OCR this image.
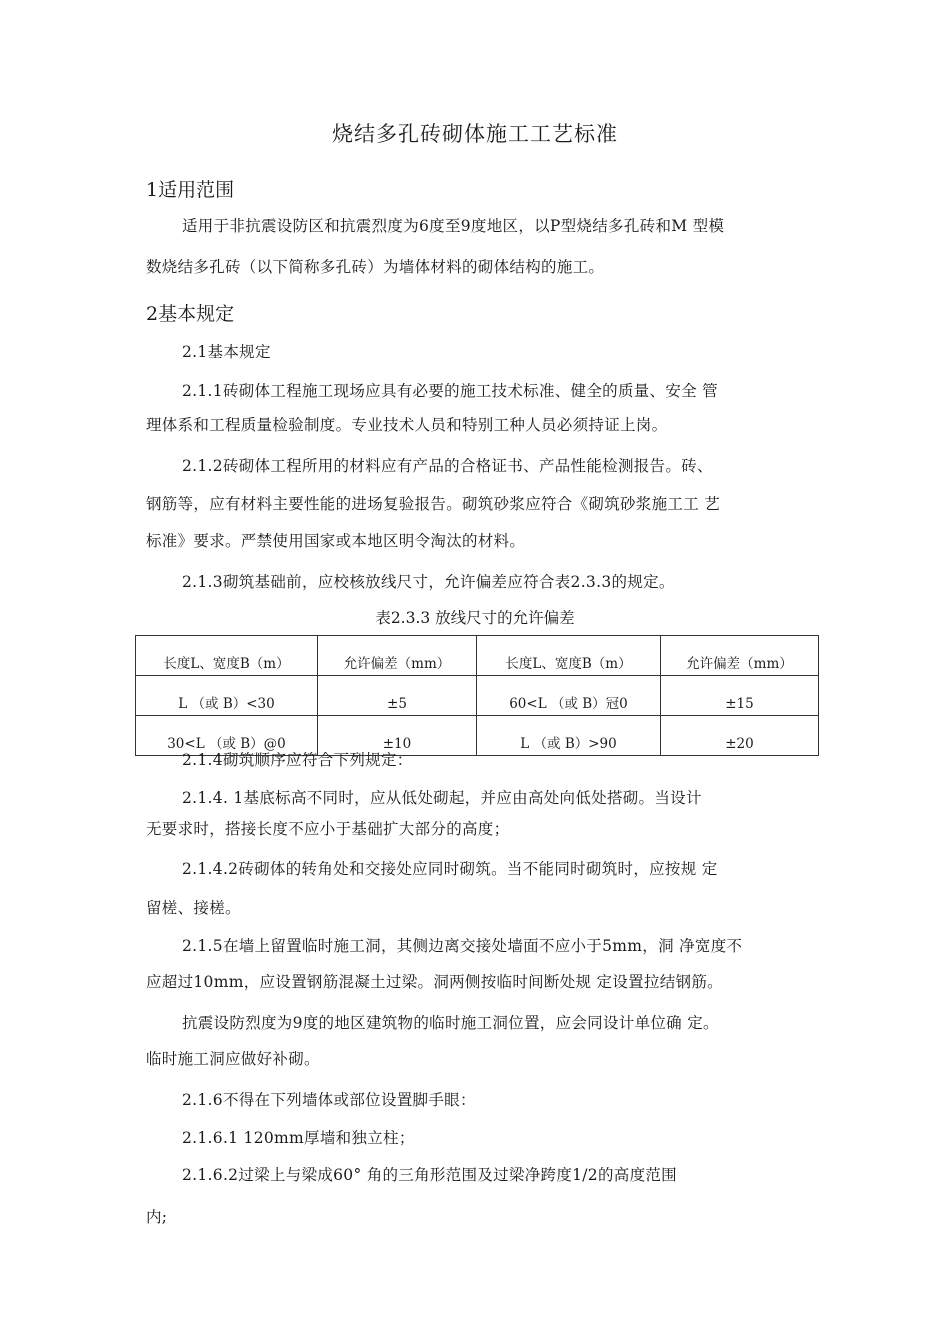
烧结多孔砖砌体施工工艺标准
1适用范围
适用于非抗震设防区和抗震烈度为6度至9度地区，以P型烧结多孔砖和M 型模
数烧结多孔砖（以下简称多孔砖）为墙体材料的砌体结构的施工。
2基本规定
2.1基本规定
2.1.1砖砌体工程施工现场应具有必要的施工技术标准、健全的质量、安全 管
理体系和工程质量检验制度。专业技术人员和特别工种人员必须持证上岗。
2.1.2砖砌体工程所用的材料应有产品的合格证书、产品性能检测报告。砖、
钢筋等，应有材料主要性能的进场复验报告。砌筑砂浆应符合《砌筑砂浆施工工 艺
标准》要求。严禁使用国家或本地区明令淘汰的材料。
2.1.3砌筑基础前，应校核放线尺寸，允许偏差应符合表2.3.3的规定。
表2.3.3 放线尺寸的允许偏差
长度L、宽度B（m）	允许偏差（mm）	长度L、宽度B（m）	允许偏差（mm）
L （或 B）<30	±5	60<L （或 B）冠0	±15
30<L （或 B）@0	±10	L （或 B）>90	±20
2.1.4砌筑顺序应符合下列规定：
2.1.4. 1基底标高不同时，应从低处砌起，并应由高处向低处搭砌。当设计
无要求时，搭接长度不应小于基础扩大部分的高度；
2.1.4.2砖砌体的转角处和交接处应同时砌筑。当不能同时砌筑时，应按规 定
留槎、接槎。
2.1.5在墙上留置临时施工洞，其侧边离交接处墙面不应小于5mm，洞 净宽度不
应超过10mm，应设置钢筋混凝土过梁。洞两侧按临时间断处规 定设置拉结钢筋。
抗震设防烈度为9度的地区建筑物的临时施工洞位置，应会同设计单位确 定。
临时施工洞应做好补砌。
2.1.6不得在下列墙体或部位设置脚手眼：
2.1.6.1 120mm厚墙和独立柱；
2.1.6.2过梁上与梁成60° 角的三角形范围及过梁净跨度1/2的高度范围
内;
